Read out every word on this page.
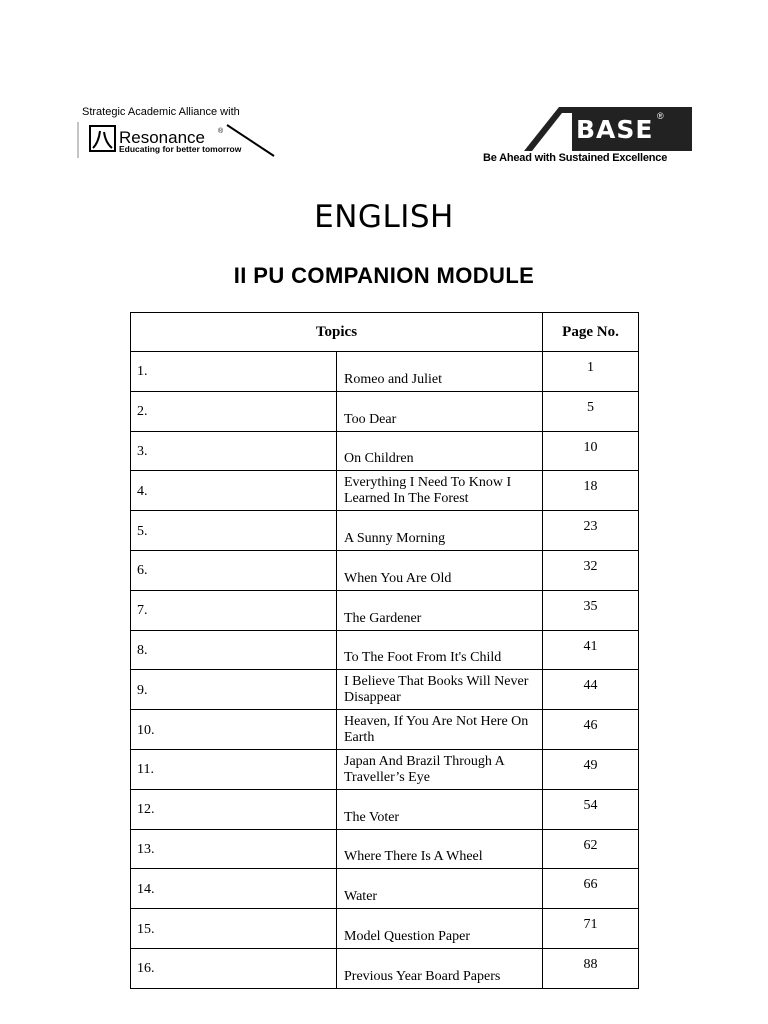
Strategic Academic Alliance with
Resonance ®
Educating for better tomorrow
BASE ®
Be Ahead with Sustained Excellence
ENGLISH
II PU COMPANION MODULE
Topics		Page No.
1.	Romeo and Juliet	1
2.	Too Dear	5
3.	On Children	10
4.	Everything I Need To Know I Learned In The Forest	18
5.	A Sunny Morning	23
6.	When You Are Old	32
7.	The Gardener	35
8.	To The Foot From It's Child	41
9.	I Believe That Books Will Never Disappear	44
10.	Heaven, If You Are Not Here On Earth	46
11.	Japan And Brazil Through A Traveller’s Eye	49
12.	The Voter	54
13.	Where There Is A Wheel	62
14.	Water	66
15.	Model Question Paper	71
16.	Previous Year Board Papers	88
